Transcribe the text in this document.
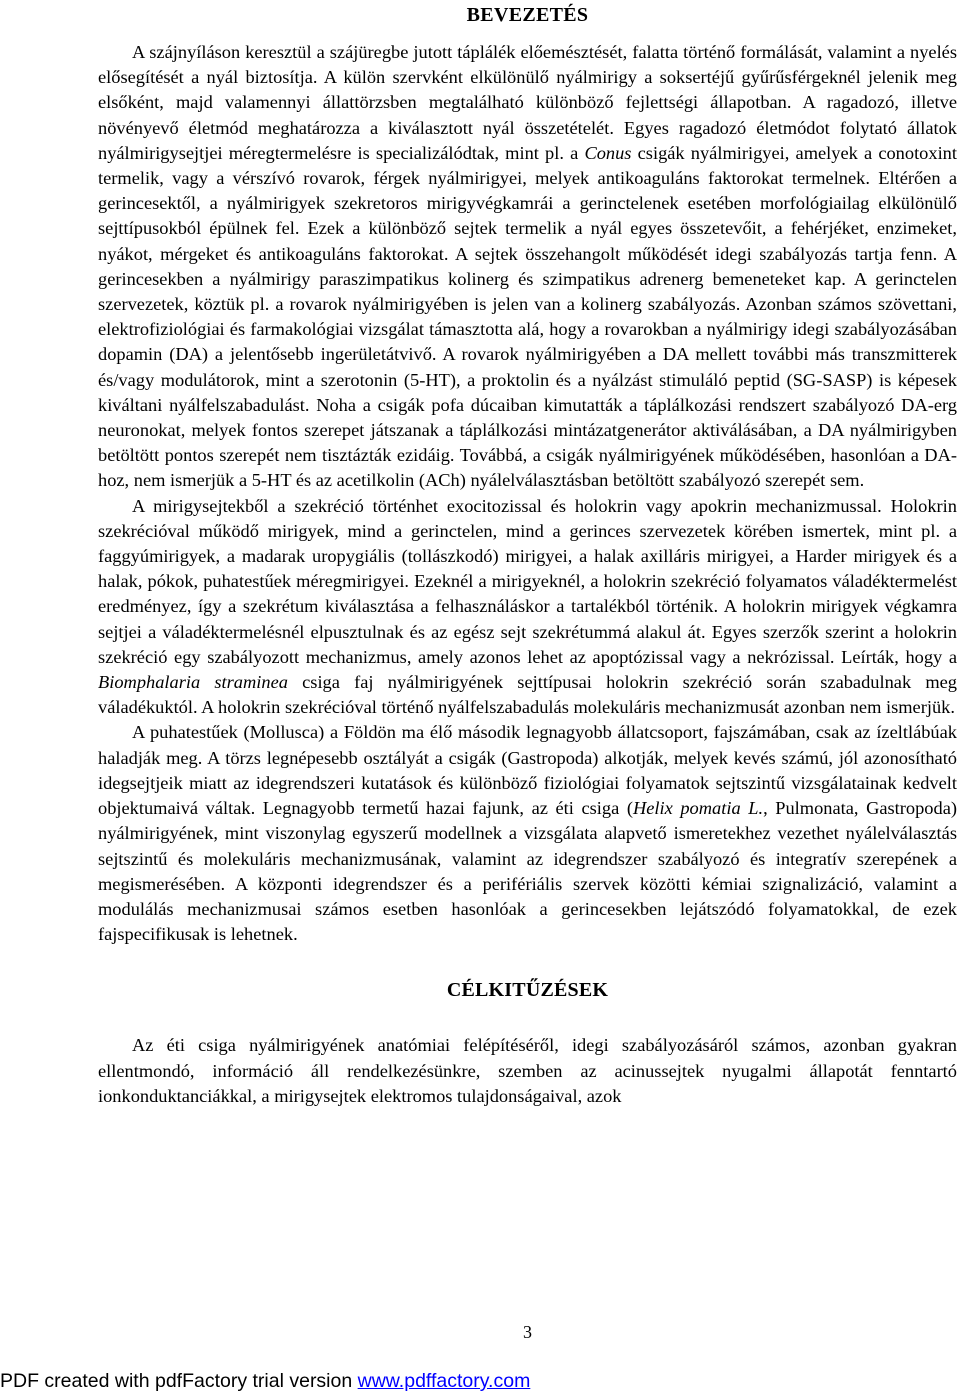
BEVEZETÉS

A szájnyíláson keresztül a szájüregbe jutott táplálék előemésztését, falatta történő formálását, valamint a nyelés elősegítését a nyál biztosítja. A külön szervként elkülönülő nyálmirigy a soksertéjű gyűrűsférgeknél jelenik meg elsőként, majd valamennyi állattörzsben megtalálható különböző fejlettségi állapotban. A ragadozó, illetve növényevő életmód meghatározza a kiválasztott nyál összetételét. Egyes ragadozó életmódot folytató állatok nyálmirigysejtjei méregtermelésre is specializálódtak, mint pl. a Conus csigák nyálmirigyei, amelyek a conotoxint termelik, vagy a vérszívó rovarok, férgek nyálmirigyei, melyek antikoaguláns faktorokat termelnek. Eltérően a gerincesektől, a nyálmirigyek szekretoros mirigyvégkamrái a gerinctelenek esetében morfológiailag elkülönülő sejttípusokból épülnek fel. Ezek a különböző sejtek termelik a nyál egyes összetevőit, a fehérjéket, enzimeket, nyákot, mérgeket és antikoaguláns faktorokat. A sejtek összehangolt működését idegi szabályozás tartja fenn. A gerincesekben a nyálmirigy paraszimpatikus kolinerg és szimpatikus adrenerg bemeneteket kap. A gerinctelen szervezetek, köztük pl. a rovarok nyálmirigyében is jelen van a kolinerg szabályozás. Azonban számos szövettani, elektrofiziológiai és farmakológiai vizsgálat támasztotta alá, hogy a rovarokban a nyálmirigy idegi szabályozásában dopamin (DA) a jelentősebb ingerületátvivő. A rovarok nyálmirigyében a DA mellett további más transzmitterek és/vagy modulátorok, mint a szerotonin (5-HT), a proktolin és a nyálzást stimuláló peptid (SG-SASP) is képesek kiváltani nyálfelszabadulást. Noha a csigák pofa dúcaiban kimutatták a táplálkozási rendszert szabályozó DA-erg neuronokat, melyek fontos szerepet játszanak a táplálkozási mintázatgenerátor aktiválásában, a DA nyálmirigyben betöltött pontos szerepét nem tisztázták ezidáig. Továbbá, a csigák nyálmirigyének működésében, hasonlóan a DA-hoz, nem ismerjük a 5-HT és az acetilkolin (ACh) nyálelválasztásban betöltött szabályozó szerepét sem.

A mirigysejtekből a szekréció történhet exocitozissal és holokrin vagy apokrin mechanizmussal. Holokrin szekrécióval működő mirigyek, mind a gerinctelen, mind a gerinces szervezetek körében ismertek, mint pl. a faggyúmirigyek, a madarak uropygiális (tollászkodó) mirigyei, a halak axilláris mirigyei, a Harder mirigyek és a halak, pókok, puhatestűek méregmirigyei. Ezeknél a mirigyeknél, a holokrin szekréció folyamatos váladéktermelést eredményez, így a szekrétum kiválasztása a felhasználáskor a tartalékból történik. A holokrin mirigyek végkamra sejtjei a váladéktermelésnél elpusztulnak és az egész sejt szekrétummá alakul át. Egyes szerzők szerint a holokrin szekréció egy szabályozott mechanizmus, amely azonos lehet az apoptózissal vagy a nekrózissal. Leírták, hogy a Biomphalaria straminea csiga faj nyálmirigyének sejttípusai holokrin szekréció során szabadulnak meg váladékuktól. A holokrin szekrécióval történő nyálfelszabadulás molekuláris mechanizmusát azonban nem ismerjük.

A puhatestűek (Mollusca) a Földön ma élő második legnagyobb állatcsoport, fajszámában, csak az ízeltlábúak haladják meg. A törzs legnépesebb osztályát a csigák (Gastropoda) alkotják, melyek kevés számú, jól azonosítható idegsejtjeik miatt az idegrendszeri kutatások és különböző fiziológiai folyamatok sejtszintű vizsgálatainak kedvelt objektumaivá váltak. Legnagyobb termetű hazai fajunk, az éti csiga (Helix pomatia L., Pulmonata, Gastropoda) nyálmirigyének, mint viszonylag egyszerű modellnek a vizsgálata alapvető ismeretekhez vezethet nyálelválasztás sejtszintű és molekuláris mechanizmusának, valamint az idegrendszer szabályozó és integratív szerepének a megismerésében. A központi idegrendszer és a perifériális szervek közötti kémiai szignalizáció, valamint a modulálás mechanizmusai számos esetben hasonlóak a gerincesekben lejátszódó folyamatokkal, de ezek fajspecifikusak is lehetnek.

CÉLKITŰZÉSEK

Az éti csiga nyálmirigyének anatómiai felépítéséről, idegi szabályozásáról számos, azonban gyakran ellentmondó, információ áll rendelkezésünkre, szemben az acinussejtek nyugalmi állapotát fenntartó ionkonduktanciákkal, a mirigysejtek elektromos tulajdonságaival, azok

3
PDF created with pdfFactory trial version www.pdffactory.com
